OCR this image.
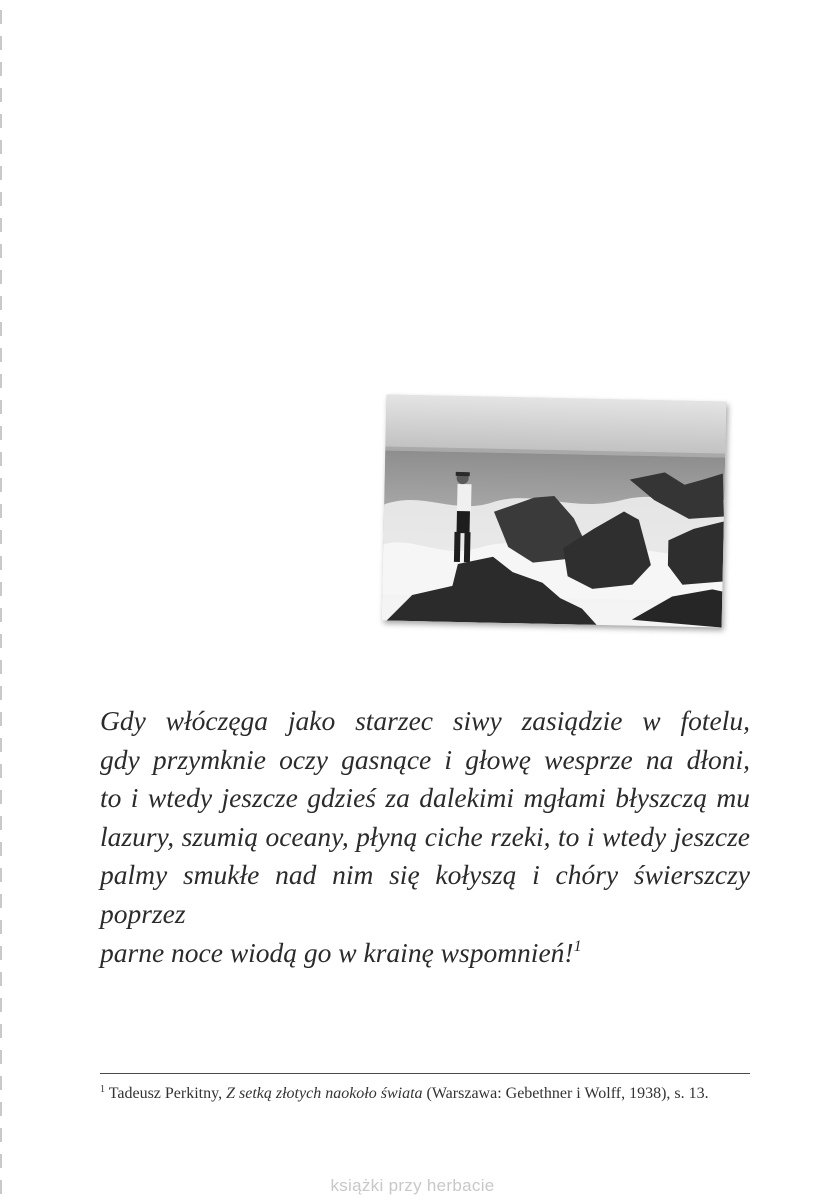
Gdy włóczęga jako starzec siwy zasiądzie w fotelu,
gdy przymknie oczy gasnące i głowę wesprze na dłoni,
to i wtedy jeszcze gdzieś za dalekimi mgłami błyszczą mu
lazury, szumią oceany, płyną ciche rzeki, to i wtedy jeszcze
palmy smukłe nad nim się kołyszą i chóry świerszczy poprzez
parne noce wiodą go w krainę wspomnień!$^1$
$^1$ Tadeusz Perkitny, Z setką złotych naokoło świata (Warszawa: Gebethner i Wolff, 1938), s. 13.
książki przy herbacie
